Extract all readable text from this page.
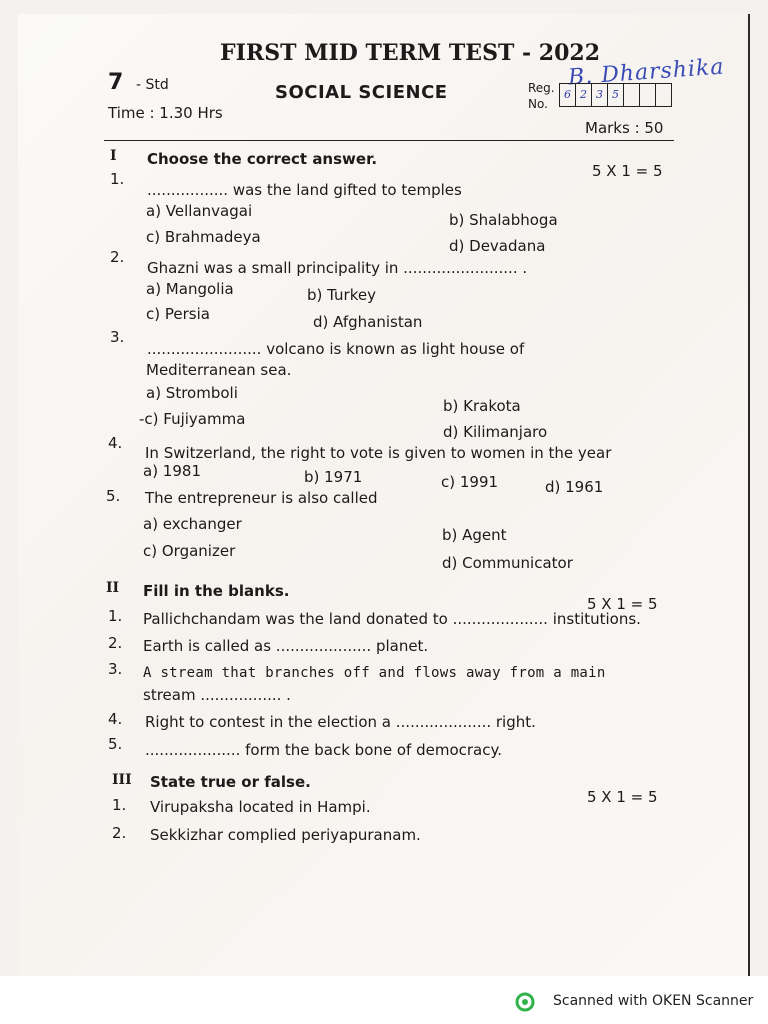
FIRST MID TERM TEST - 2022
7 - Std	SOCIAL SCIENCE	Reg.
No.
B. Dharshika
6 2 3 5
Time : 1.30 Hrs
Marks : 50
I Choose the correct answer.
5 X 1 = 5
1.
................. was the land gifted to temples
a) Vellanvagai	b) Shalabhoga
c) Brahmadeya	d) Devadana
2.
Ghazni was a small principality in ........................ .
a) Mangolia	b) Turkey
c) Persia	d) Afghanistan
3.
........................ volcano is known as light house of
Mediterranean sea.
a) Stromboli
b) Krakota
-c) Fujiyamma
d) Kilimanjaro
4.
In Switzerland, the right to vote is given to women in the year
a) 1981	b) 1971	c) 1991	d) 1961
5. The entrepreneur is also called
a) exchanger
b) Agent
c) Organizer
d) Communicator
II Fill in the blanks.
5 X 1 = 5
1. Pallichchandam was the land donated to .................... institutions.
2. Earth is called as .................... planet.
3. A stream that branches off and flows away from a main
stream ................. .
4. Right to contest in the election a .................... right.
5. .................... form the back bone of democracy.
III State true or false.
5 X 1 = 5
1. Virupaksha located in Hampi.
2. Sekkizhar complied periyapuranam.
Scanned with OKEN Scanner
